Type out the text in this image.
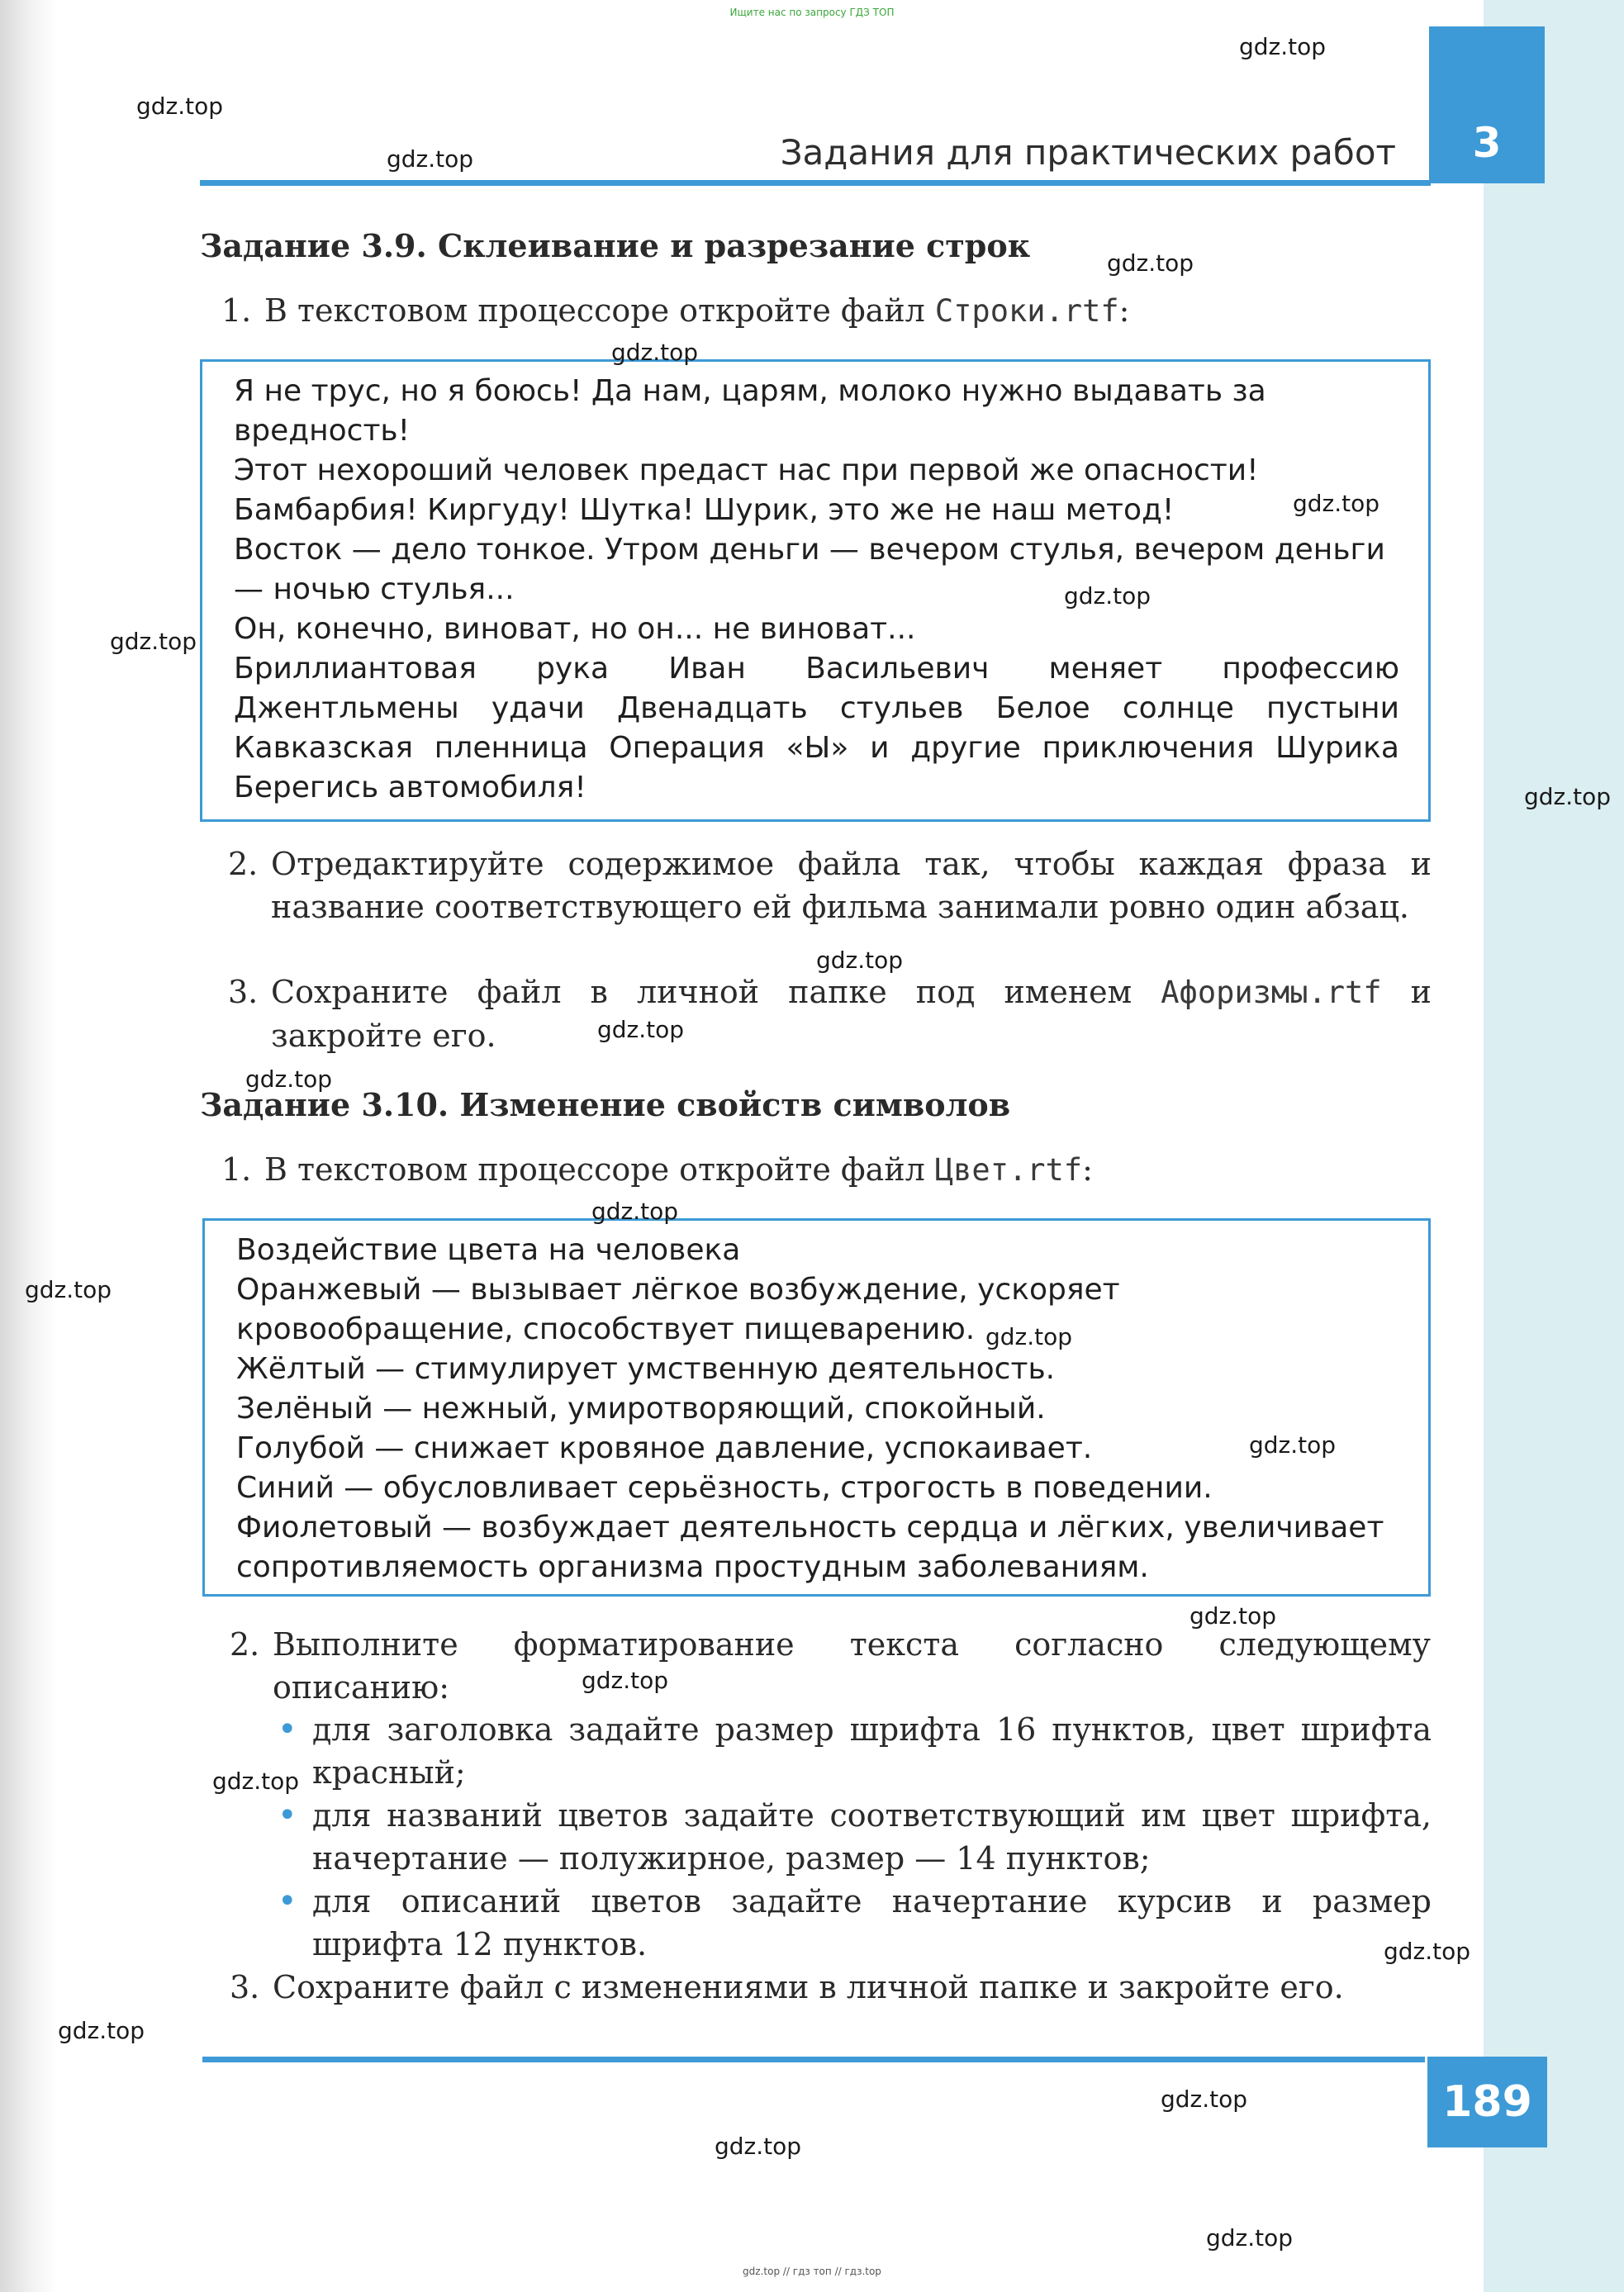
Ищите нас по запросу ГДЗ ТОП
Задания для практических работ	3
Задание 3.9. Склеивание и разрезание строк
1. В текстовом процессоре откройте файл Строки.rtf:

Я не трус, но я боюсь! Да нам, царям, молоко нужно выдавать за вредность!

Этот нехороший человек предаст нас при первой же опасности!

Бамбарбия! Киргуду! Шутка! Шурик, это же не наш метод!

Восток — дело тонкое. Утром деньги — вечером стулья, вечером деньги — ночью стулья...

Он, конечно, виноват, но он... не виноват...

Бриллиантовая рука Иван Васильевич меняет профессию

Джентльмены удачи Двенадцать стульев Белое солнце пустыни

Кавказская пленница Операция «Ы» и другие приключения Шурика

Берегись автомобиля!

2. Отредактируйте содержимое файла так, чтобы каждая фраза и название соответствующего ей фильма занимали ровно один абзац.
3. Сохраните файл в личной папке под именем Афоризмы.rtf и закройте его.
Задание 3.10. Изменение свойств символов
1. В текстовом процессоре откройте файл Цвет.rtf:

Воздействие цвета на человека

Оранжевый — вызывает лёгкое возбуждение, ускоряет кровообращение, способствует пищеварению.

Жёлтый — стимулирует умственную деятельность.

Зелёный — нежный, умиротворяющий, спокойный.

Голубой — снижает кровяное давление, успокаивает.

Синий — обусловливает серьёзность, строгость в поведении.

Фиолетовый — возбуждает деятельность сердца и лёгких, увеличивает сопротивляемость организма простудным заболеваниям.

2. Выполните форматирование текста согласно следующему описанию:
• для заголовка задайте размер шрифта 16 пунктов, цвет шрифта красный;
• для названий цветов задайте соответствующий им цвет шрифта, начертание — полужирное, размер — 14 пунктов;
• для описаний цветов задайте начертание курсив и размер шрифта 12 пунктов.
3. Сохраните файл с изменениями в личной папке и закройте его.
189
gdz.top
gdz.top
gdz.top
gdz.top
gdz.top
gdz.top
gdz.top
gdz.top
gdz.top
gdz.top
gdz.top
gdz.top
gdz.top
gdz.top
gdz.top
gdz.top
gdz.top
gdz.top
gdz.top
gdz.top
gdz.top
gdz.top
gdz.top
gdz.top
gdz.top // гдз топ // гдз.top
